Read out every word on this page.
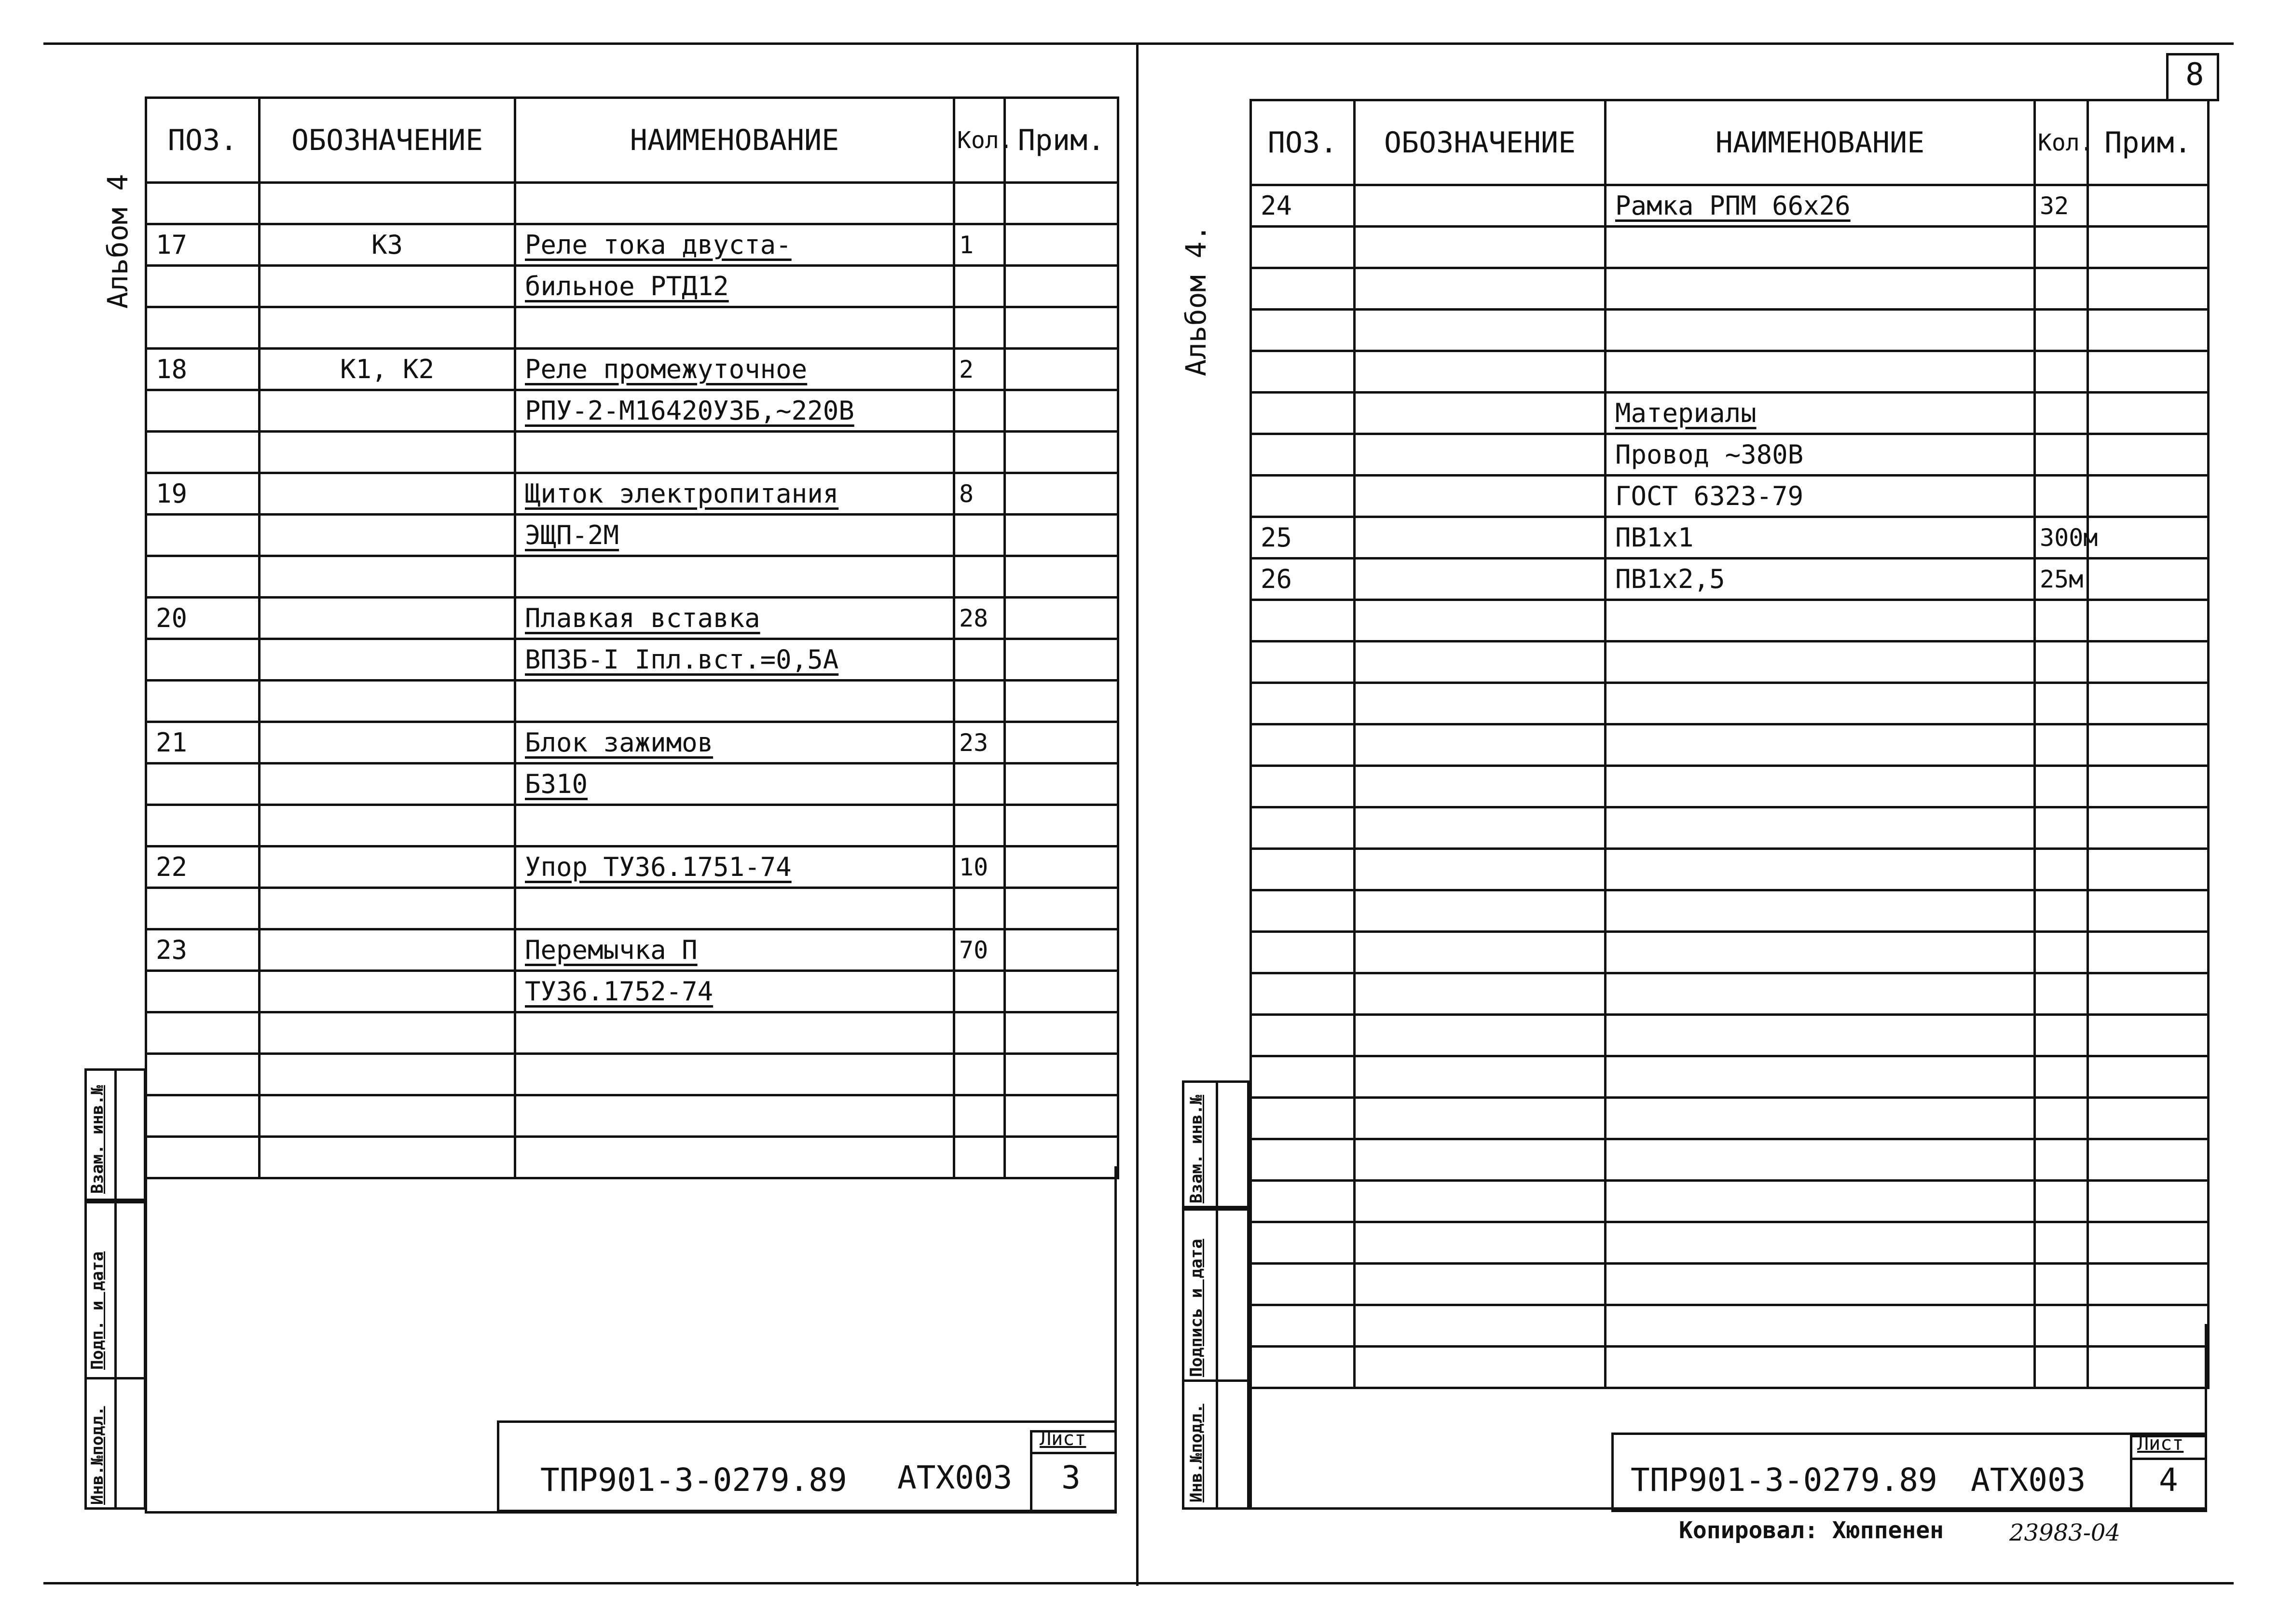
Альбом 4
ПОЗ.	ОБОЗНАЧЕНИЕ	НАИМЕНОВАНИЕ	Кол.	Прим.

17	К3	Реле тока двуста-	1	
		бильное РТД12		

18	К1, К2	Реле промежуточное	2	
		РПУ-2-М16420У3Б,~220В		

19		Щиток электропитания	8	
		ЭЩП-2М		

20		Плавкая вставка	28	
		ВП3Б-I Iпл.вст.=0,5А		

21		Блок зажимов	23	
		Б310		

22		Упор ТУ36.1751-74	10	

23		Перемычка П	70	
		ТУ36.1752-74		

Инв.№подл.
Подп. и дата
Взам. инв.№
ТПР901-3-0279.89 АТХ003
Лист
3
8
Альбом 4.
ПОЗ.	ОБОЗНАЧЕНИЕ	НАИМЕНОВАНИЕ	Кол.	Прим.
24		Рамка РПМ 66х26	32	

		Материалы		
		Провод ~380В		
		ГОСТ 6323-79		
25		ПВ1х1	300м	
26		ПВ1х2,5	25м	

Инв.№подл.
Подпись и дата
Взам. инв.№
ТПР901-3-0279.89 АТХ003
Лист
4
Копировал: Хюппенен	23983-04
